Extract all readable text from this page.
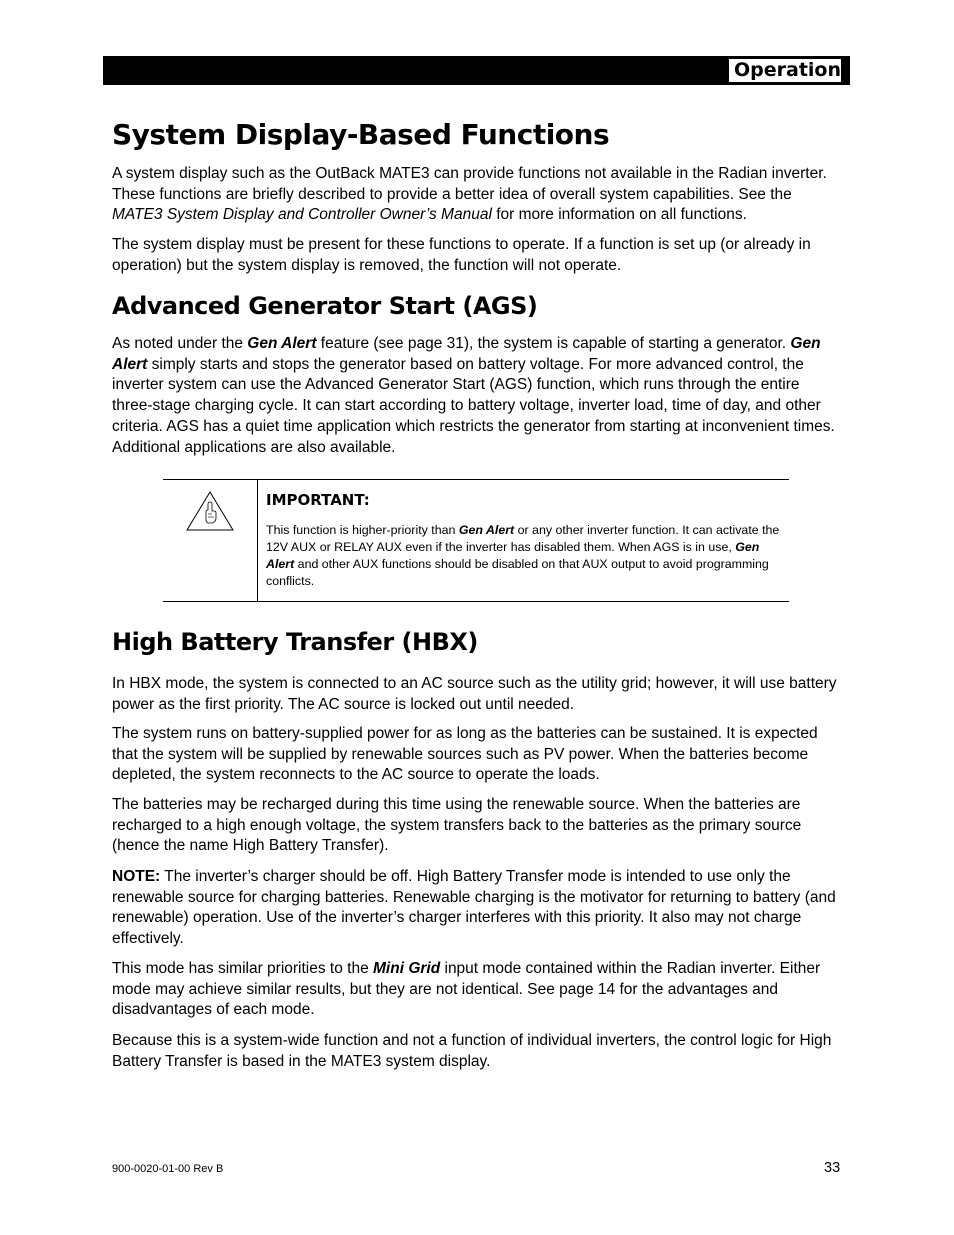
Operation
System Display-Based Functions

A system display such as the OutBack MATE3 can provide functions not available in the Radian inverter. These functions are briefly described to provide a better idea of overall system capabilities. See the MATE3 System Display and Controller Owner’s Manual for more information on all functions.

The system display must be present for these functions to operate. If a function is set up (or already in operation) but the system display is removed, the function will not operate.

Advanced Generator Start (AGS)

As noted under the Gen Alert feature (see page 31), the system is capable of starting a generator. Gen Alert simply starts and stops the generator based on battery voltage. For more advanced control, the inverter system can use the Advanced Generator Start (AGS) function, which runs through the entire three-stage charging cycle. It can start according to battery voltage, inverter load, time of day, and other criteria. AGS has a quiet time application which restricts the generator from starting at inconvenient times. Additional applications are also available.

High Battery Transfer (HBX)

In HBX mode, the system is connected to an AC source such as the utility grid; however, it will use battery power as the first priority. The AC source is locked out until needed.

The system runs on battery-supplied power for as long as the batteries can be sustained. It is expected that the system will be supplied by renewable sources such as PV power. When the batteries become depleted, the system reconnects to the AC source to operate the loads.

The batteries may be recharged during this time using the renewable source. When the batteries are recharged to a high enough voltage, the system transfers back to the batteries as the primary source (hence the name High Battery Transfer).

NOTE: The inverter’s charger should be off. High Battery Transfer mode is intended to use only the renewable source for charging batteries. Renewable charging is the motivator for returning to battery (and renewable) operation. Use of the inverter’s charger interferes with this priority. It also may not charge effectively.

This mode has similar priorities to the Mini Grid input mode contained within the Radian inverter. Either mode may achieve similar results, but they are not identical. See page 14 for the advantages and disadvantages of each mode.

Because this is a system-wide function and not a function of individual inverters, the control logic for High Battery Transfer is based in the MATE3 system display.

IMPORTANT:
This function is higher-priority than Gen Alert or any other inverter function. It can activate the 12V AUX or RELAY AUX even if the inverter has disabled them. When AGS is in use, Gen Alert and other AUX functions should be disabled on that AUX output to avoid programming conflicts.
900-0020-01-00 Rev B	33
